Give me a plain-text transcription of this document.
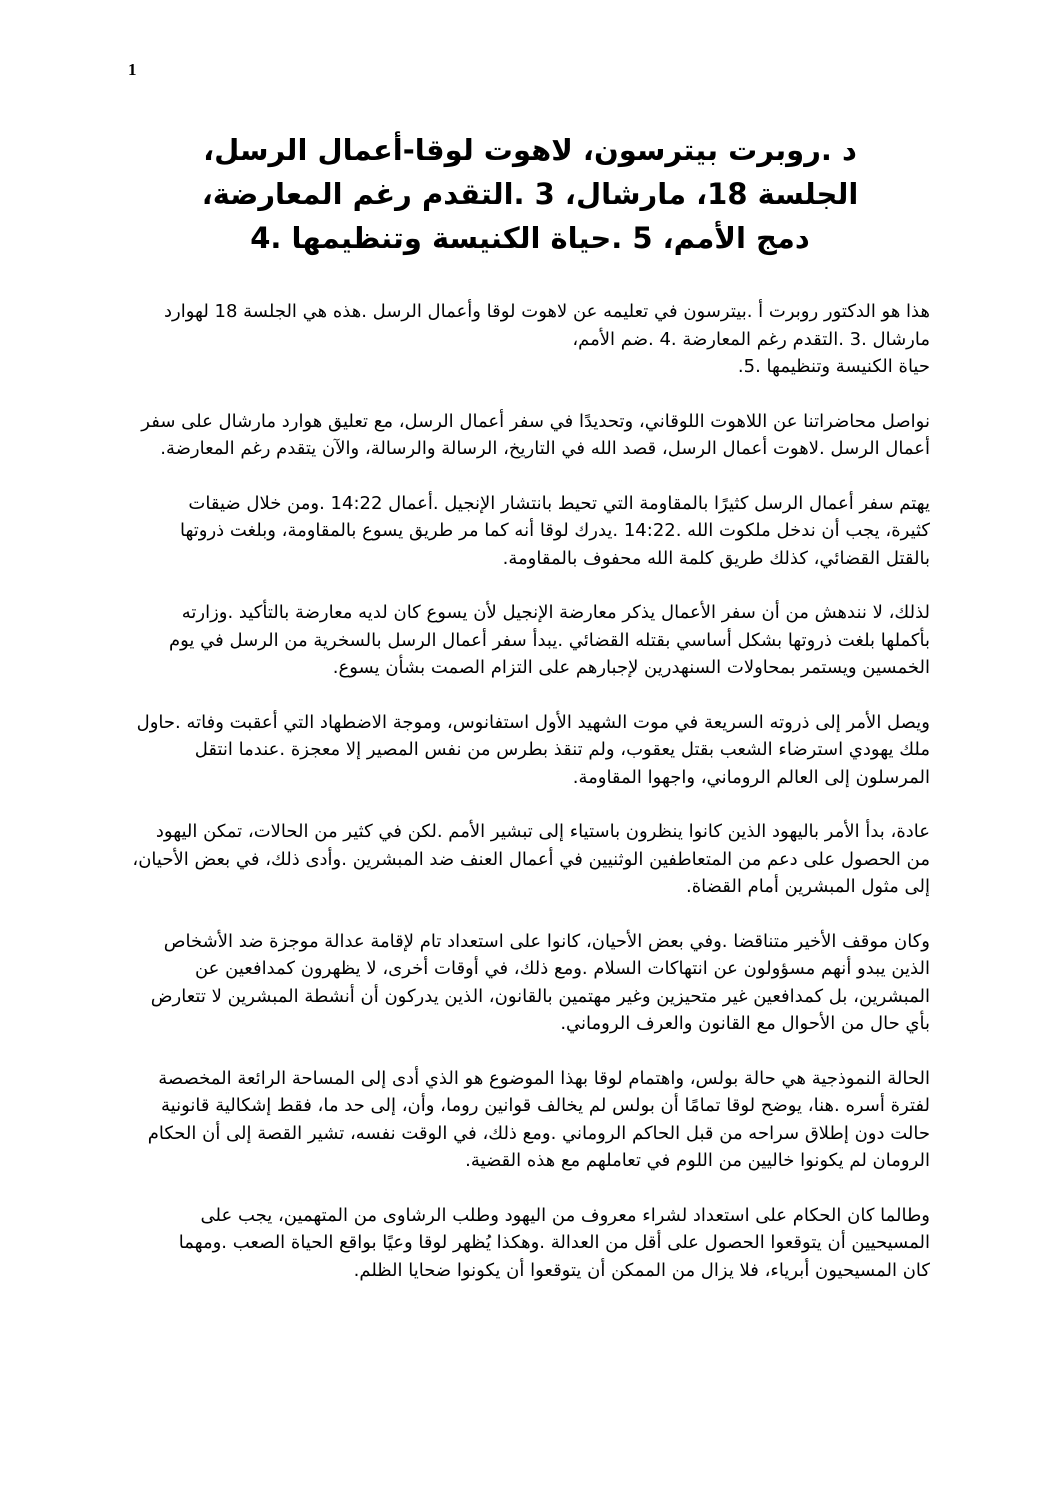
1
د .روبرت بيترسون، لاهوت لوقا-أعمال الرسل،
الجلسة 18، مارشال، 3 .التقدم رغم المعارضة،
دمج الأمم، 5 .حياة الكنيسة وتنظيمها .4

هذا هو الدكتور روبرت أ .بيترسون في تعليمه عن لاهوت لوقا وأعمال الرسل .هذه هي الجلسة 18 لهوارد
مارشال .3 .التقدم رغم المعارضة .4 .ضم الأمم،
حياة الكنيسة وتنظيمها .5.

نواصل محاضراتنا عن اللاهوت اللوقاني، وتحديدًا في سفر أعمال الرسل، مع تعليق هوارد مارشال على سفر
أعمال الرسل .لاهوت أعمال الرسل، قصد الله في التاريخ، الرسالة والرسالة، والآن يتقدم رغم المعارضة.

يهتم سفر أعمال الرسل كثيرًا بالمقاومة التي تحيط بانتشار الإنجيل .أعمال 14:22 .ومن خلال ضيقات
كثيرة، يجب أن ندخل ملكوت الله .14:22 .يدرك لوقا أنه كما مر طريق يسوع بالمقاومة، وبلغت ذروتها
بالقتل القضائي، كذلك طريق كلمة الله محفوف بالمقاومة.

لذلك، لا نندهش من أن سفر الأعمال يذكر معارضة الإنجيل لأن يسوع كان لديه معارضة بالتأكيد .وزارته
بأكملها بلغت ذروتها بشكل أساسي بقتله القضائي .يبدأ سفر أعمال الرسل بالسخرية من الرسل في يوم
الخمسين ويستمر بمحاولات السنهدرين لإجبارهم على التزام الصمت بشأن يسوع.

ويصل الأمر إلى ذروته السريعة في موت الشهيد الأول استفانوس، وموجة الاضطهاد التي أعقبت وفاته .حاول
ملك يهودي استرضاء الشعب بقتل يعقوب، ولم تنقذ بطرس من نفس المصير إلا معجزة .عندما انتقل
المرسلون إلى العالم الروماني، واجهوا المقاومة.

عادة، بدأ الأمر باليهود الذين كانوا ينظرون باستياء إلى تبشير الأمم .لكن في كثير من الحالات، تمكن اليهود
من الحصول على دعم من المتعاطفين الوثنيين في أعمال العنف ضد المبشرين .وأدى ذلك، في بعض الأحيان،
إلى مثول المبشرين أمام القضاة.

وكان موقف الأخير متناقضا .وفي بعض الأحيان، كانوا على استعداد تام لإقامة عدالة موجزة ضد الأشخاص
الذين يبدو أنهم مسؤولون عن انتهاكات السلام .ومع ذلك، في أوقات أخرى، لا يظهرون كمدافعين عن
المبشرين، بل كمدافعين غير متحيزين وغير مهتمين بالقانون، الذين يدركون أن أنشطة المبشرين لا تتعارض
بأي حال من الأحوال مع القانون والعرف الروماني.

الحالة النموذجية هي حالة بولس، واهتمام لوقا بهذا الموضوع هو الذي أدى إلى المساحة الرائعة المخصصة
لفترة أسره .هنا، يوضح لوقا تمامًا أن بولس لم يخالف قوانين روما، وأن، إلى حد ما، فقط إشكالية قانونية
حالت دون إطلاق سراحه من قبل الحاكم الروماني .ومع ذلك، في الوقت نفسه، تشير القصة إلى أن الحكام
الرومان لم يكونوا خاليين من اللوم في تعاملهم مع هذه القضية.

وطالما كان الحكام على استعداد لشراء معروف من اليهود وطلب الرشاوى من المتهمين، يجب على
المسيحيين أن يتوقعوا الحصول على أقل من العدالة .وهكذا يُظهر لوقا وعيًا بواقع الحياة الصعب .ومهما
كان المسيحيون أبرياء، فلا يزال من الممكن أن يتوقعوا أن يكونوا ضحايا الظلم.
